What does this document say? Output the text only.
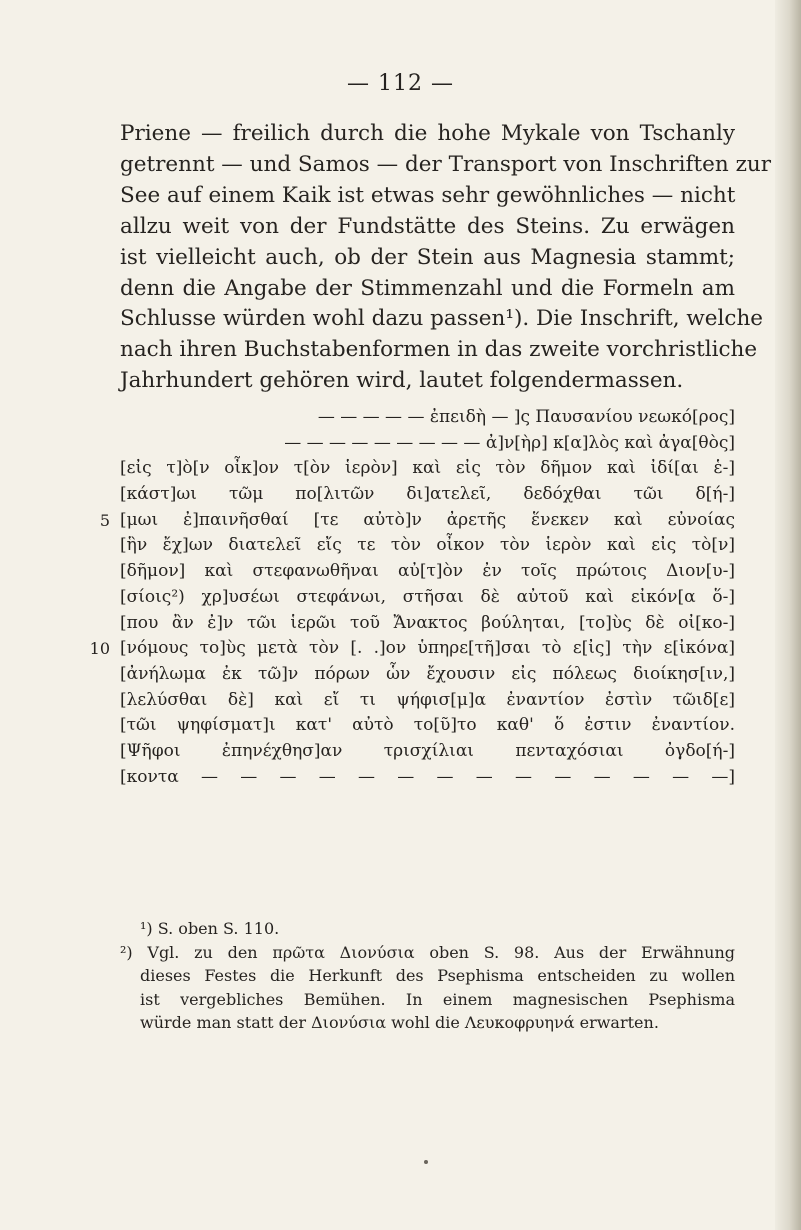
— 112 —
Priene — freilich durch die hohe Mykale von Tschanly
getrennt — und Samos — der Transport von Inschriften zur
See auf einem Kaik ist etwas sehr gewöhnliches — nicht
allzu weit von der Fundstätte des Steins. Zu erwägen
ist vielleicht auch, ob der Stein aus Magnesia stammt;
denn die Angabe der Stimmenzahl und die Formeln am
Schlusse würden wohl dazu passen¹). Die Inschrift, welche
nach ihren Buchstabenformen in das zweite vorchristliche
Jahrhundert gehören wird, lautet folgendermassen.
— — — — — ἐπειδὴ — ]ς Παυσανίου νεωκό[ρος]
— — — — — — — — — ἀ]ν[ὴρ] κ[α]λὸς καὶ ἀγα[θὸς]
[εἰς τ]ὸ[ν οἶκ]ον τ[ὸν ἱερὸν] καὶ εἰς τὸν δῆμον καὶ ἰδί[αι ἑ-]
[κάστ]ωι τῶμ πο[λιτῶν δι]ατελεῖ, δεδόχθαι τῶι δ[ή-]
5 [μωι ἐ]παινῆσθαί [τε αὐτὸ]ν ἀρετῆς ἕνεκεν καὶ εὐνοίας
[ἣν ἔχ]ων διατελεῖ εἴς τε τὸν οἶκον τὸν ἱερὸν καὶ εἰς τὸ[ν]
[δῆμον] καὶ στεφανωθῆναι αὐ[τ]ὸν ἐν τοῖς πρώτοις Διον[υ-]
[σίοις²) χρ]υσέωι στεφάνωι, στῆσαι δὲ αὐτοῦ καὶ εἰκόν[α ὅ-]
[που ἂν ἐ]ν τῶι ἱερῶι τοῦ Ἄνακτος βούληται, [το]ὺς δὲ οἰ[κο-]
10 [νόμους το]ὺς μετὰ τὸν [. .]ον ὑπηρε[τῆ]σαι τὸ ε[ἰς] τὴν ε[ἰκόνα]
[ἀνήλωμα ἐκ τῶ]ν πόρων ὧν ἔχουσιν εἰς πόλεως διοίκησ[ιν,]
[λελύσθαι δὲ] καὶ εἴ τι ψήφισ[μ]α ἐναντίον ἐστὶν τῶιδ[ε]
[τῶι ψηφίσματ]ι κατ' αὐτὸ το[ῦ]το καθ' ὅ ἐστιν ἐναντίον.
[Ψῆφοι ἐπηνέχθησ]αν τρισχίλιαι πενταχόσιαι ὀγδο[ή-]
[κοντα — — — — — — — — — — — — — —]
¹) S. oben S. 110.
²) Vgl. zu den πρῶτα Διονύσια oben S. 98. Aus der Erwähnung
dieses Festes die Herkunft des Psephisma entscheiden zu wollen
ist vergebliches Bemühen. In einem magnesischen Psephisma
würde man statt der Διονύσια wohl die Λευκοφρυηνά erwarten.
